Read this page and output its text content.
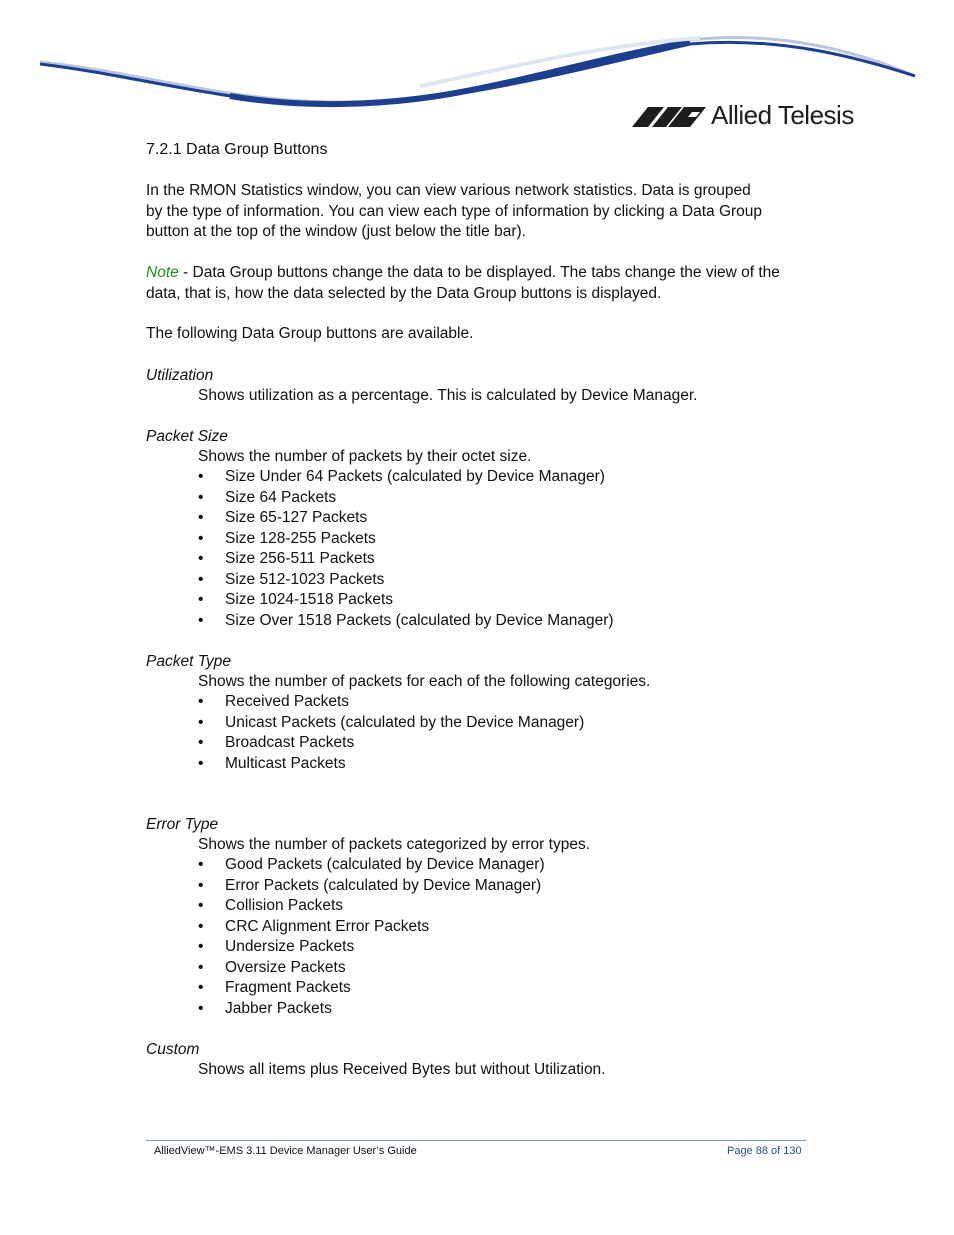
Allied Telesis
7.2.1 Data Group Buttons
In the RMON Statistics window, you can view various network statistics. Data is grouped
by the type of information. You can view each type of information by clicking a Data Group
button at the top of the window (just below the title bar).
Note - Data Group buttons change the data to be displayed. The tabs change the view of the
data, that is, how the data selected by the Data Group buttons is displayed.
The following Data Group buttons are available.
Utilization
Shows utilization as a percentage. This is calculated by Device Manager.
Packet Size
Shows the number of packets by their octet size.
• Size Under 64 Packets (calculated by Device Manager)
• Size 64 Packets
• Size 65-127 Packets
• Size 128-255 Packets
• Size 256-511 Packets
• Size 512-1023 Packets
• Size 1024-1518 Packets
• Size Over 1518 Packets (calculated by Device Manager)
Packet Type
Shows the number of packets for each of the following categories.
• Received Packets
• Unicast Packets (calculated by the Device Manager)
• Broadcast Packets
• Multicast Packets
Error Type
Shows the number of packets categorized by error types.
• Good Packets (calculated by Device Manager)
• Error Packets (calculated by Device Manager)
• Collision Packets
• CRC Alignment Error Packets
• Undersize Packets
• Oversize Packets
• Fragment Packets
• Jabber Packets
Custom
Shows all items plus Received Bytes but without Utilization.
AlliedView™-EMS 3.11 Device Manager User’s Guide	Page 88 of 130
